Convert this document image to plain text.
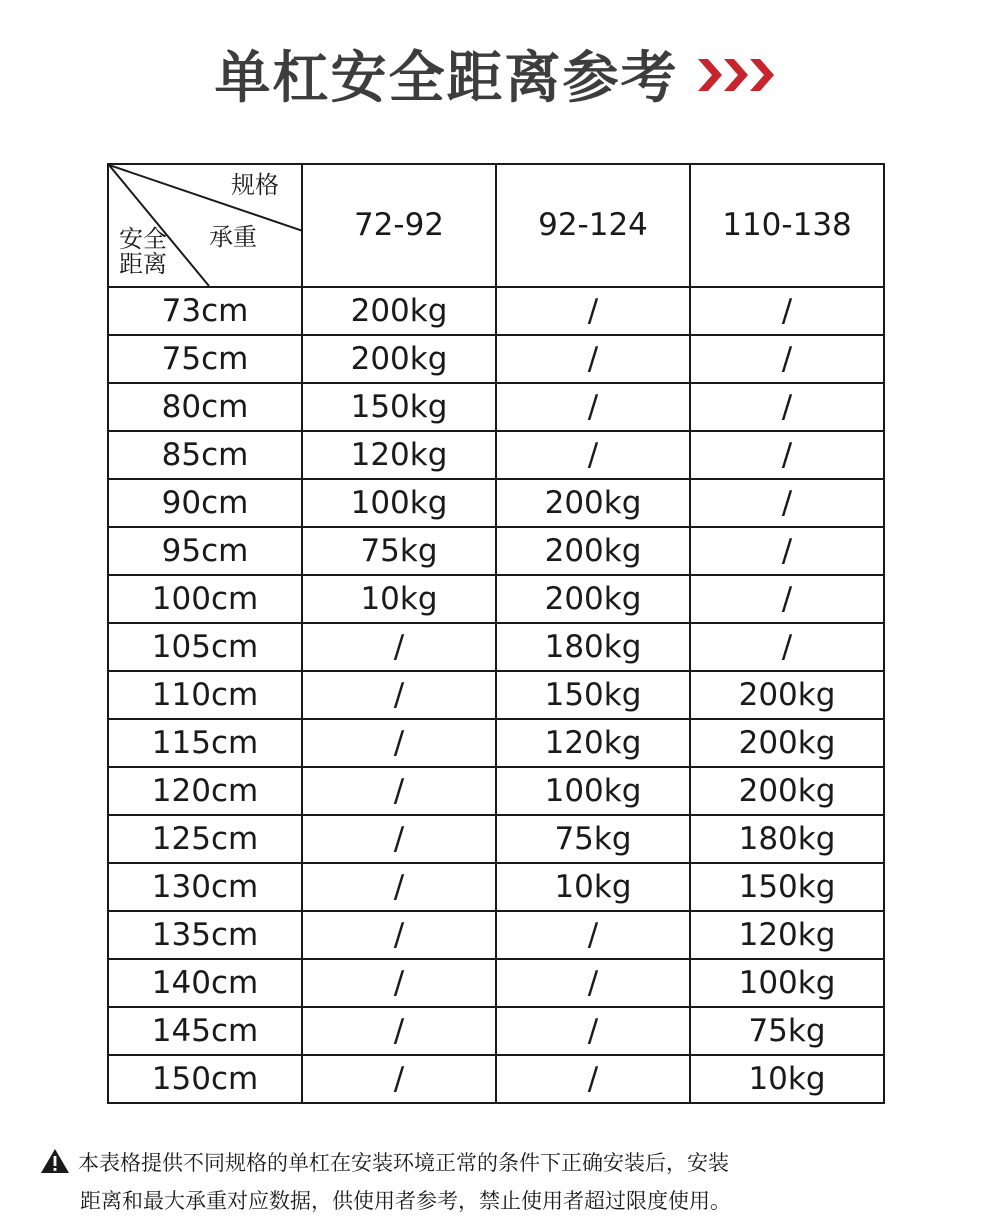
单杠安全距离参考
规格
承重
安全
距离	72-92	92-124	110-138
73cm	200kg	/	/
75cm	200kg	/	/
80cm	150kg	/	/
85cm	120kg	/	/
90cm	100kg	200kg	/
95cm	75kg	200kg	/
100cm	10kg	200kg	/
105cm	/	180kg	/
110cm	/	150kg	200kg
115cm	/	120kg	200kg
120cm	/	100kg	200kg
125cm	/	75kg	180kg
130cm	/	10kg	150kg
135cm	/	/	120kg
140cm	/	/	100kg
145cm	/	/	75kg
150cm	/	/	10kg
本表格提供不同规格的单杠在安装环境正常的条件下正确安装后，安装
距离和最大承重对应数据，供使用者参考，禁止使用者超过限度使用。
